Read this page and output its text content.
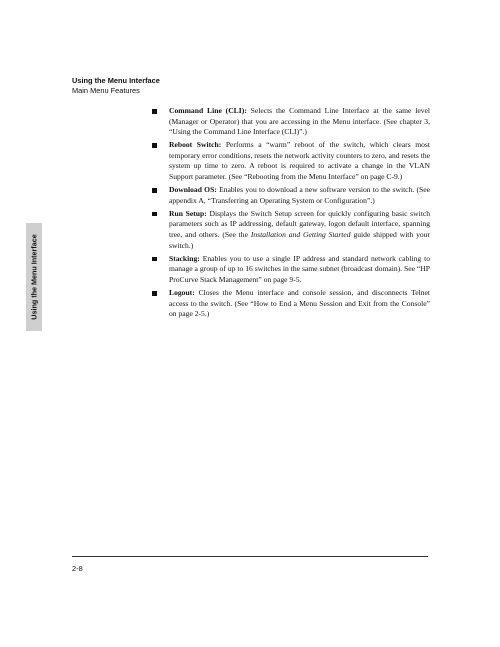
Using the Menu Interface
Main Menu Features
Using the Menu Interface
Command Line (CLI): Selects the Command Line Interface at the same level (Manager or Operator) that you are accessing in the Menu interface. (See chapter 3, “Using the Command Line Interface (CLI)”.)
Reboot Switch: Performs a “warm” reboot of the switch, which clears most temporary error conditions, resets the network activity counters to zero, and resets the system up time to zero. A reboot is required to activate a change in the VLAN Support parameter. (See “Rebooting from the Menu Interface” on page C-9.)
Download OS: Enables you to download a new software version to the switch. (See appendix A, “Transferring an Operating System or Configuration”.)
Run Setup: Displays the Switch Setup screen for quickly configuring basic switch parameters such as IP addressing, default gateway, logon default interface, spanning tree, and others. (See the Installation and Getting Started guide shipped with your switch.)
Stacking: Enables you to use a single IP address and standard network cabling to manage a group of up to 16 switches in the same subnet (broadcast domain). See “HP ProCurve Stack Management” on page 9-5.
Logout: Closes the Menu interface and console session, and disconnects Telnet access to the switch. (See “How to End a Menu Session and Exit from the Console” on page 2-5.)
2-8
